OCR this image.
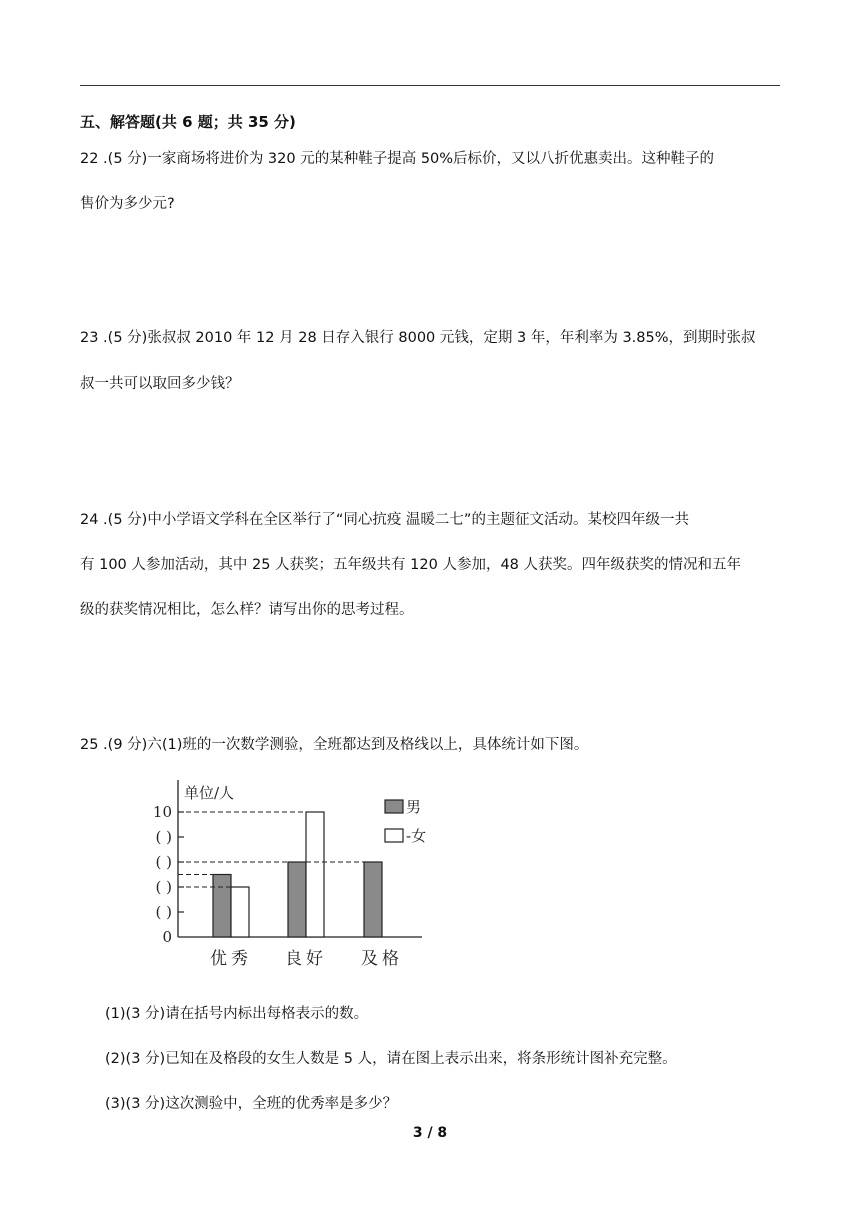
五、解答题(共 6 题；共 35 分)
22 .(5 分)一家商场将进价为 320 元的某种鞋子提高 50%后标价，又以八折优惠卖出。这种鞋子的
售价为多少元?
23 .(5 分)张叔叔 2010 年 12 月 28 日存入银行 8000 元钱，定期 3 年，年利率为 3.85%，到期时张叔
叔一共可以取回多少钱？
24 .(5 分)中小学语文学科在全区举行了“同心抗疫 温暖二七”的主题征文活动。某校四年级一共
有 100 人参加活动，其中 25 人获奖；五年级共有 120 人参加，48 人获奖。四年级获奖的情况和五年
级的获奖情况相比，怎么样？请写出你的思考过程。
25 .(9 分)六(1)班的一次数学测验，全班都达到及格线以上，具体统计如下图。
单位/人
0
( )
( )
( )
( )
10
优秀 良好 及格
男
-女
(1)(3 分)请在括号内标出每格表示的数。
(2)(3 分)已知在及格段的女生人数是 5 人，请在图上表示出来，将条形统计图补充完整。
(3)(3 分)这次测验中，全班的优秀率是多少？
3 / 8
